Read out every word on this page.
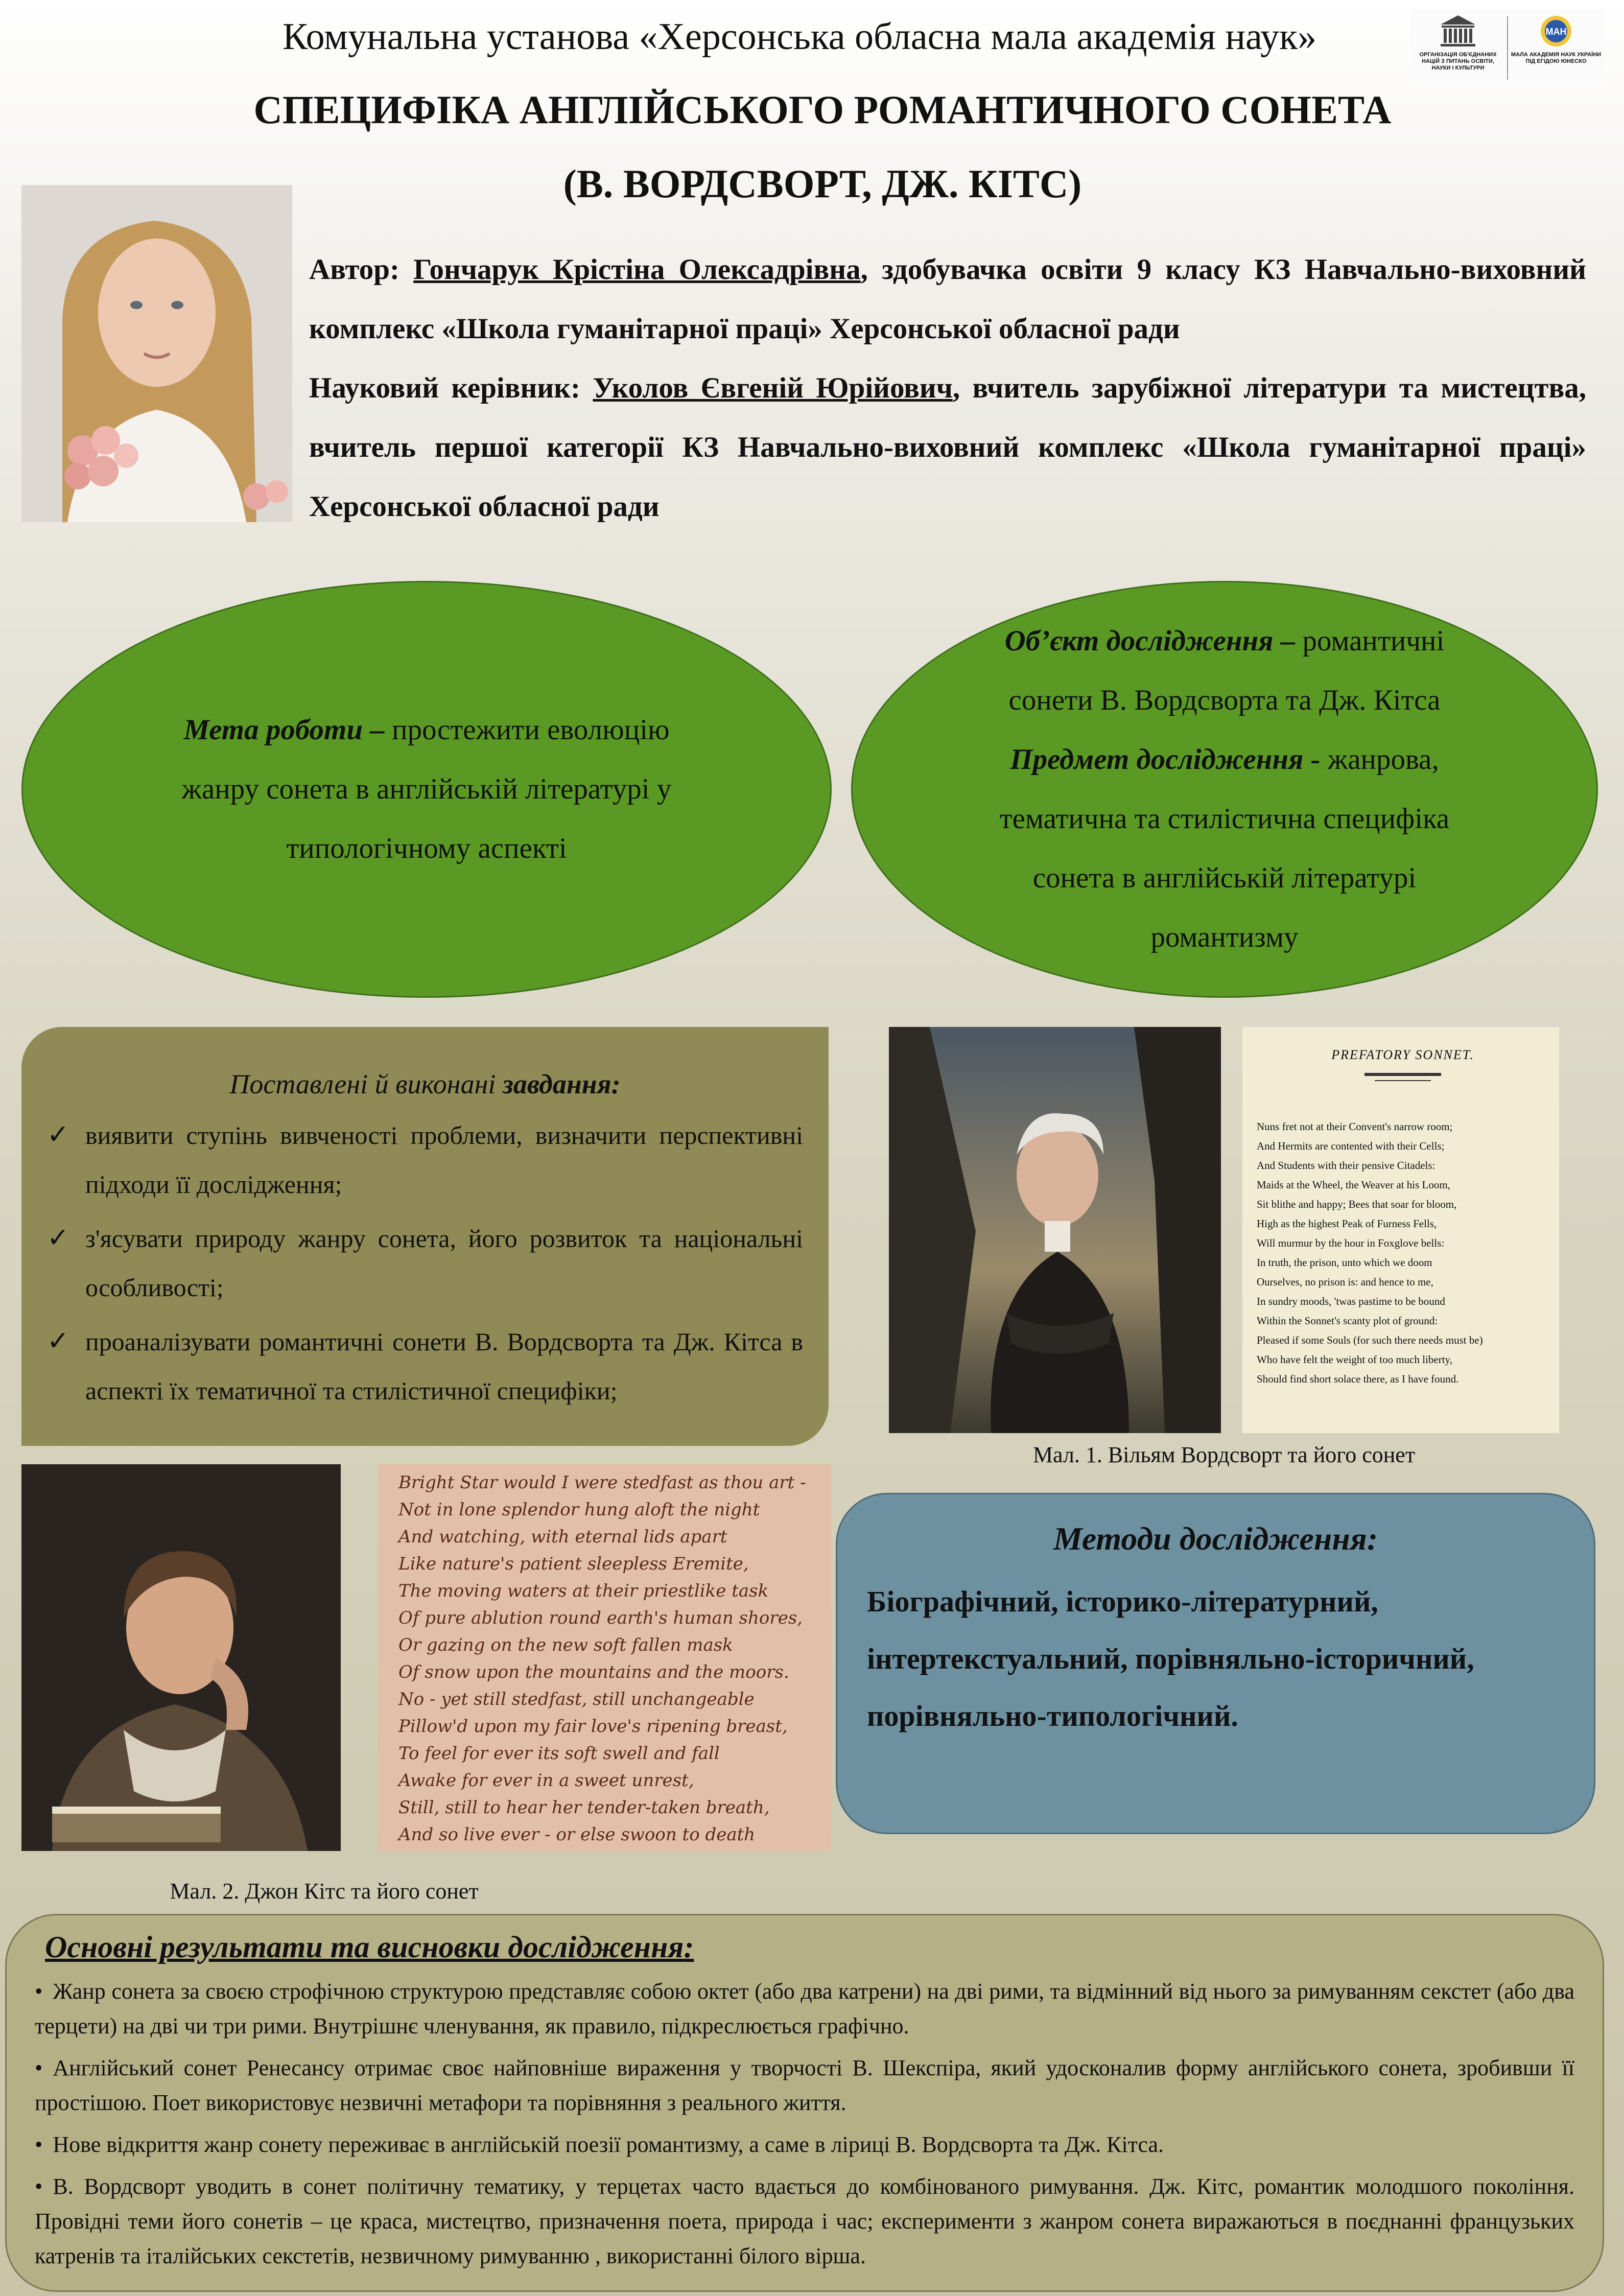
Комунальна установа «Херсонська обласна мала академія наук»
СПЕЦИФІКА АНГЛІЙСЬКОГО РОМАНТИЧНОГО СОНЕТА
(В. ВОРДСВОРТ, ДЖ. КІТС)
ОРГАНІЗАЦІЯ ОБ'ЄДНАНИХ НАЦІЙ З ПИТАНЬ ОСВІТИ, НАУКИ І КУЛЬТУРИ
MAH
МАЛА АКАДЕМІЯ НАУК УКРАЇНИ ПІД ЕГІДОЮ ЮНЕСКО
Автор: Гончарук Крістіна Олексадрівна, здобувачка освіти 9 класу КЗ Навчально-виховний комплекс «Школа гуманітарної праці» Херсонської обласної ради
Науковий керівник: Уколов Євгеній Юрійович, вчитель зарубіжної літератури та мистецтва, вчитель першої категорії КЗ Навчально-виховний комплекс «Школа гуманітарної праці» Херсонської обласної ради
Мета роботи – простежити еволюцію жанру сонета в англійській літературі у типологічному аспекті
Об’єкт дослідження – романтичні сонети В. Вордсворта та Дж. Кітса
Предмет дослідження - жанрова, тематична та стилістична специфіка сонета в англійській літературі романтизму
Поставлені й виконані завдання:
✓ виявити ступінь вивченості проблеми, визначити перспективні підходи її дослідження;
✓ з'ясувати природу жанру сонета, його розвиток та національні особливості;
✓ проаналізувати романтичні сонети В. Вордсворта та Дж. Кітса в аспекті їх тематичної та стилістичної специфіки;
PREFATORY SONNET.
Nuns fret not at their Convent's narrow room;
And Hermits are contented with their Cells;
And Students with their pensive Citadels:
Maids at the Wheel, the Weaver at his Loom,
Sit blithe and happy; Bees that soar for bloom,
High as the highest Peak of Furness Fells,
Will murmur by the hour in Foxglove bells:
In truth, the prison, unto which we doom
Ourselves, no prison is: and hence to me,
In sundry moods, 'twas pastime to be bound
Within the Sonnet's scanty plot of ground:
Pleased if some Souls (for such there needs must be)
Who have felt the weight of too much liberty,
Should find short solace there, as I have found.
Мал. 1. Вільям Вордсворт та його сонет
Bright Star would I were stedfast as thou art -
Not in lone splendor hung aloft the night
And watching, with eternal lids apart
Like nature's patient sleepless Eremite,
The moving waters at their priestlike task
Of pure ablution round earth's human shores,
Or gazing on the new soft fallen mask
Of snow upon the mountains and the moors.
No - yet still stedfast, still unchangeable
Pillow'd upon my fair love's ripening breast,
To feel for ever its soft swell and fall
Awake for ever in a sweet unrest,
Still, still to hear her tender-taken breath,
And so live ever - or else swoon to death
Мал. 2. Джон Кітс та його сонет
Методи дослідження:

Біографічний, історико-літературний, інтертекстуальний, порівняльно-історичний, порівняльно-типологічний.

Основні результати та висновки дослідження:
• Жанр сонета за своєю строфічною структурою представляє собою октет (або два катрени) на дві рими, та відмінний від нього за римуванням секстет (або два терцети) на дві чи три рими. Внутрішнє членування, як правило, підкреслюється графічно.
• Англійський сонет Ренесансу отримає своє найповніше вираження у творчості В. Шекспіра, який удосконалив форму англійського сонета, зробивши її простішою. Поет використовує незвичні метафори та порівняння з реального життя.
• Нове відкриття жанр сонету переживає в англійській поезії романтизму, а саме в ліриці В. Вордсворта та Дж. Кітса.
• В. Вордсворт уводить в сонет політичну тематику, у терцетах часто вдається до комбінованого римування. Дж. Кітс, романтик молодшого покоління. Провідні теми його сонетів – це краса, мистецтво, призначення поета, природа і час; експерименти з жанром сонета виражаються в поєднанні французьких катренів та італійських секстетів, незвичному римуванню , використанні білого вірша.
